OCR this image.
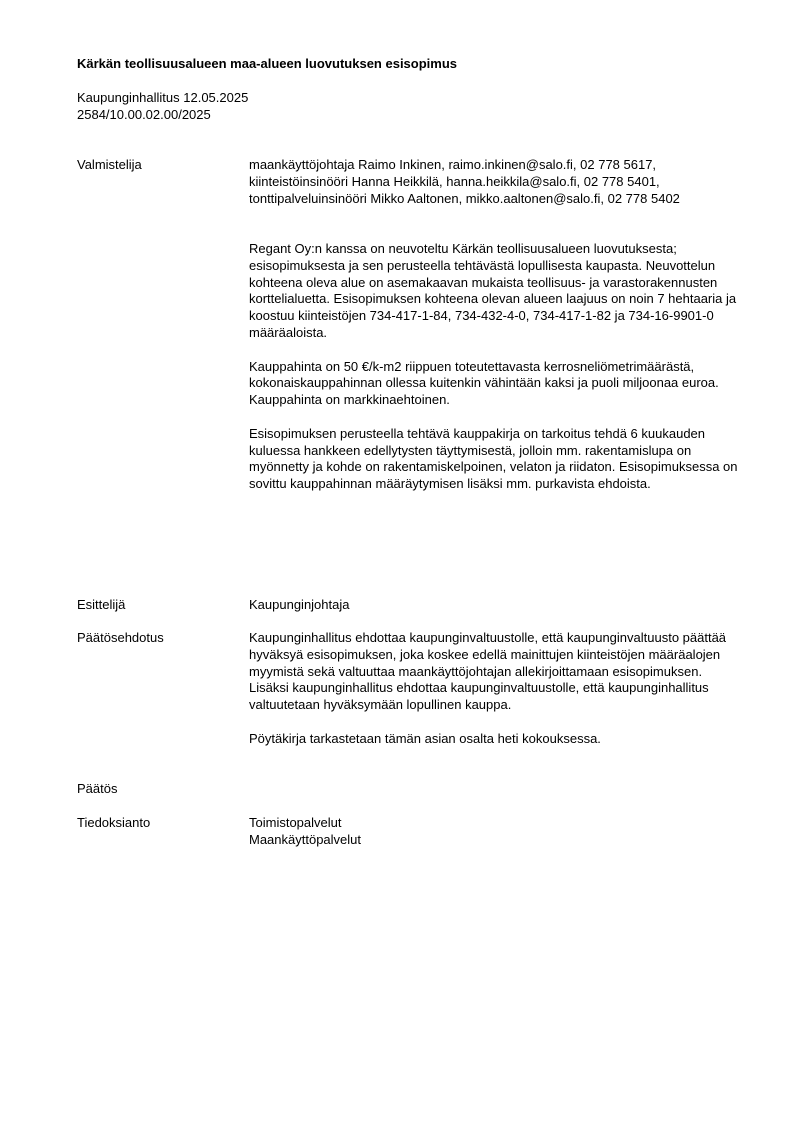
Kärkän teollisuusalueen maa-alueen luovutuksen esisopimus
Kaupunginhallitus 12.05.2025
2584/10.00.02.00/2025
Valmistelija	maankäyttöjohtaja Raimo Inkinen, raimo.inkinen@salo.fi, 02 778 5617,
kiinteistöinsinööri Hanna Heikkilä, hanna.heikkila@salo.fi, 02 778 5401,
tonttipalveluinsinööri Mikko Aaltonen, mikko.aaltonen@salo.fi, 02 778 5402

Regant Oy:n kanssa on neuvoteltu Kärkän teollisuusalueen luovutuksesta; esisopimuksesta ja sen perusteella tehtävästä lopullisesta kaupasta. Neuvottelun kohteena oleva alue on asemakaavan mukaista teollisuus- ja varastorakennusten korttelialuetta. Esisopimuksen kohteena olevan alueen laajuus on noin 7 hehtaaria ja koostuu kiinteistöjen 734-417-1-84, 734-432-4-0, 734-417-1-82 ja 734-16-9901-0 määräaloista.

Kauppahinta on 50 €/k-m2 riippuen toteutettavasta kerrosneliömetrimäärästä, kokonaiskauppahinnan ollessa kuitenkin vähintään kaksi ja puoli miljoonaa euroa. Kauppahinta on markkinaehtoinen.

Esisopimuksen perusteella tehtävä kauppakirja on tarkoitus tehdä 6 kuukauden kuluessa hankkeen edellytysten täyttymisestä, jolloin mm. rakentamislupa on myönnetty ja kohde on rakentamiskelpoinen, velaton ja riidaton. Esisopimuksessa on sovittu kauppahinnan määräytymisen lisäksi mm. purkavista ehdoista.

Esittelijä	Kaupunginjohtaja
Päätösehdotus	Kaupunginhallitus ehdottaa kaupunginvaltuustolle, että kaupunginvaltuusto päättää hyväksyä esisopimuksen, joka koskee edellä mainittujen kiinteistöjen määräalojen myymistä sekä valtuuttaa maankäyttöjohtajan allekirjoittamaan esisopimuksen.

Lisäksi kaupunginhallitus ehdottaa kaupunginvaltuustolle, että kaupunginhallitus valtuutetaan hyväksymään lopullinen kauppa.

Pöytäkirja tarkastetaan tämän asian osalta heti kokouksessa.

Päätös
Tiedoksianto	Toimistopalvelut
Maankäyttöpalvelut
